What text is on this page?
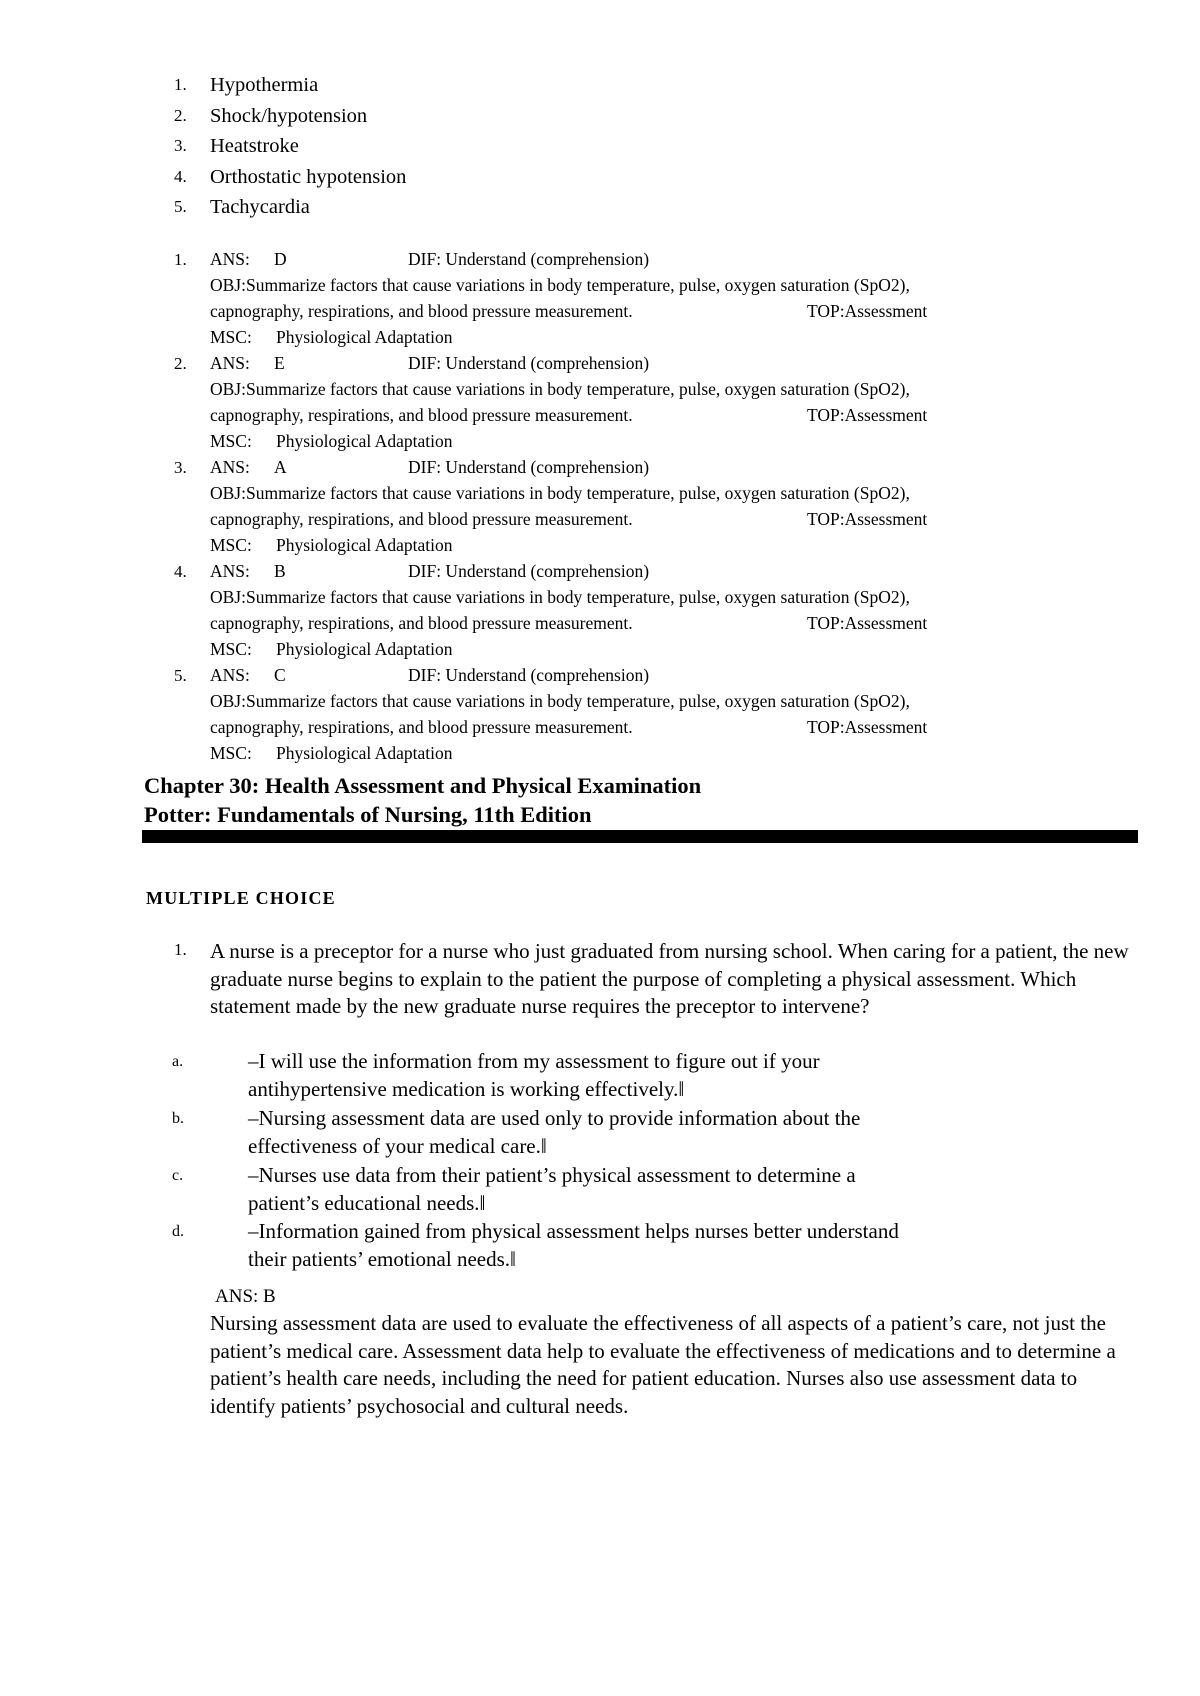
1. Hypothermia
2. Shock/hypotension
3. Heatstroke
4. Orthostatic hypotension
5. Tachycardia
1. ANS: D	DIF: Understand (comprehension)
OBJ:Summarize factors that cause variations in body temperature, pulse, oxygen saturation (SpO2),
capnography, respirations, and blood pressure measurement.	TOP:Assessment
MSC: Physiological Adaptation
2. ANS: E	DIF: Understand (comprehension)
OBJ:Summarize factors that cause variations in body temperature, pulse, oxygen saturation (SpO2),
capnography, respirations, and blood pressure measurement.	TOP:Assessment
MSC: Physiological Adaptation
3. ANS: A	DIF: Understand (comprehension)
OBJ:Summarize factors that cause variations in body temperature, pulse, oxygen saturation (SpO2),
capnography, respirations, and blood pressure measurement.	TOP:Assessment
MSC: Physiological Adaptation
4. ANS: B	DIF: Understand (comprehension)
OBJ:Summarize factors that cause variations in body temperature, pulse, oxygen saturation (SpO2),
capnography, respirations, and blood pressure measurement.	TOP:Assessment
MSC: Physiological Adaptation
5. ANS: C	DIF: Understand (comprehension)
OBJ:Summarize factors that cause variations in body temperature, pulse, oxygen saturation (SpO2),
capnography, respirations, and blood pressure measurement.	TOP:Assessment
MSC: Physiological Adaptation
Chapter 30: Health Assessment and Physical Examination
Potter: Fundamentals of Nursing, 11th Edition
MULTIPLE CHOICE
1. A nurse is a preceptor for a nurse who just graduated from nursing school. When caring for a patient, the new graduate nurse begins to explain to the patient the purpose of completing a physical assessment. Which statement made by the new graduate nurse requires the preceptor to intervene?
a.	–I will use the information from my assessment to figure out if your antihypertensive medication is working effectively.‖
b.	–Nursing assessment data are used only to provide information about the effectiveness of your medical care.‖
c.	–Nurses use data from their patient’s physical assessment to determine a patient’s educational needs.‖
d.	–Information gained from physical assessment helps nurses better understand their patients’ emotional needs.‖
ANS: B
Nursing assessment data are used to evaluate the effectiveness of all aspects of a patient’s care, not just the patient’s medical care. Assessment data help to evaluate the effectiveness of medications and to determine a patient’s health care needs, including the need for patient education. Nurses also use assessment data to identify patients’ psychosocial and cultural needs.
